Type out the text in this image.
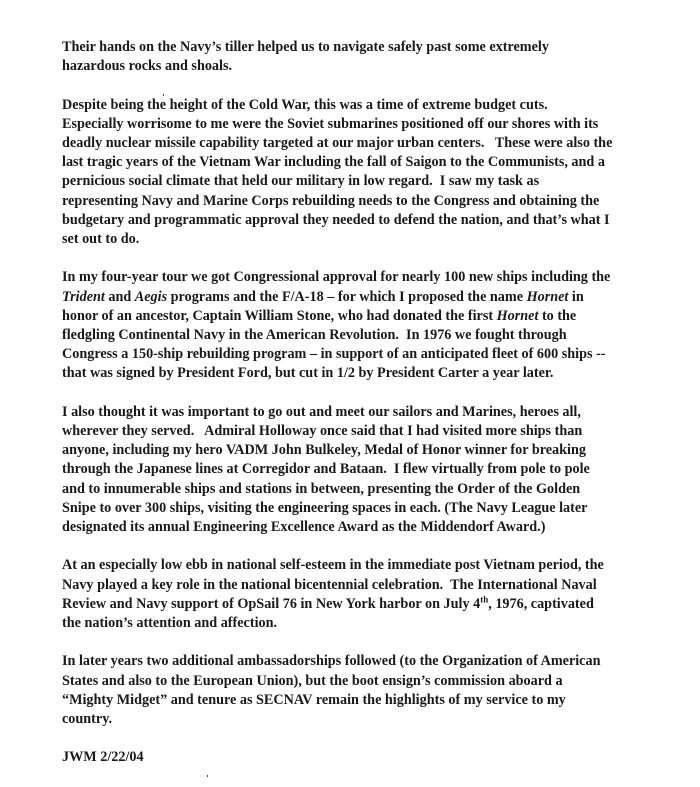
Their hands on the Navy’s tiller helped us to navigate safely past some extremely
hazardous rocks and shoals.
Despite being the height of the Cold War, this was a time of extreme budget cuts.
Especially worrisome to me were the Soviet submarines positioned off our shores with its
deadly nuclear missile capability targeted at our major urban centers.   These were also the
last tragic years of the Vietnam War including the fall of Saigon to the Communists, and a
pernicious social climate that held our military in low regard.  I saw my task as
representing Navy and Marine Corps rebuilding needs to the Congress and obtaining the
budgetary and programmatic approval they needed to defend the nation, and that’s what I
set out to do.
In my four-year tour we got Congressional approval for nearly 100 new ships including the
Trident and Aegis programs and the F/A-18 – for which I proposed the name Hornet in
honor of an ancestor, Captain William Stone, who had donated the first Hornet to the
fledgling Continental Navy in the American Revolution.  In 1976 we fought through
Congress a 150-ship rebuilding program – in support of an anticipated fleet of 600 ships --
that was signed by President Ford, but cut in 1/2 by President Carter a year later.
I also thought it was important to go out and meet our sailors and Marines, heroes all,
wherever they served.   Admiral Holloway once said that I had visited more ships than
anyone, including my hero VADM John Bulkeley, Medal of Honor winner for breaking
through the Japanese lines at Corregidor and Bataan.  I flew virtually from pole to pole
and to innumerable ships and stations in between, presenting the Order of the Golden
Snipe to over 300 ships, visiting the engineering spaces in each. (The Navy League later
designated its annual Engineering Excellence Award as the Middendorf Award.)
At an especially low ebb in national self-esteem in the immediate post Vietnam period, the
Navy played a key role in the national bicentennial celebration.  The International Naval
Review and Navy support of OpSail 76 in New York harbor on July 4th, 1976, captivated
the nation’s attention and affection.
In later years two additional ambassadorships followed (to the Organization of American
States and also to the European Union), but the boot ensign’s commission aboard a
“Mighty Midget” and tenure as SECNAV remain the highlights of my service to my
country.
JWM 2/22/04
